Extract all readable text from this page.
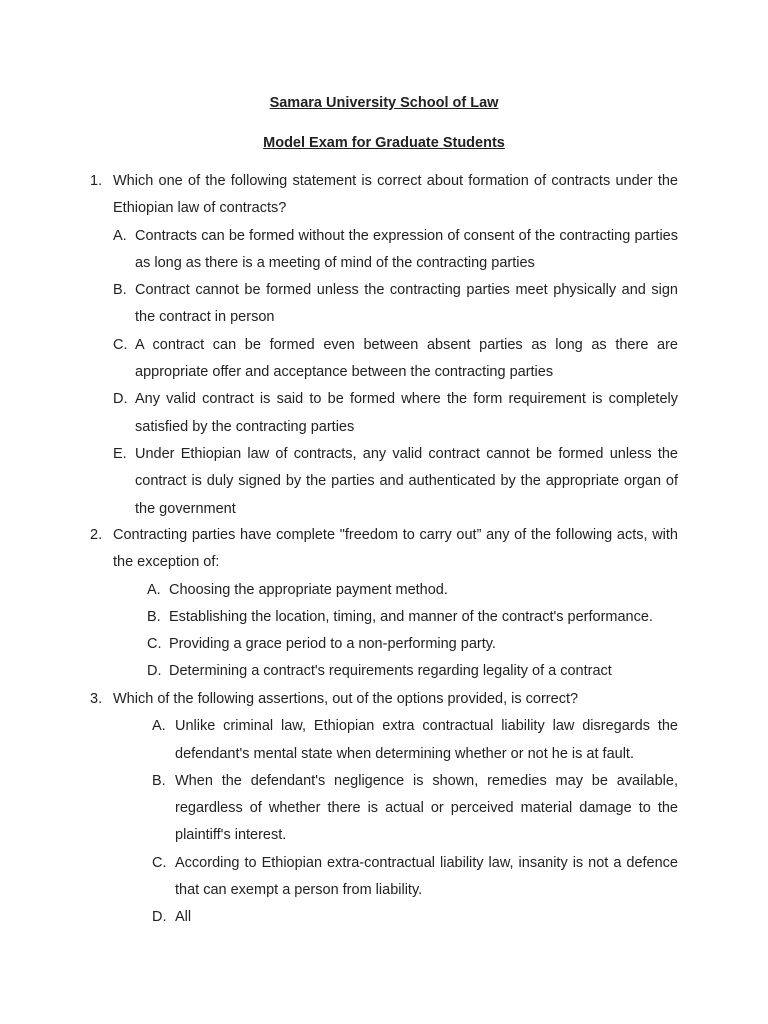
Samara University School of Law
Model Exam for Graduate Students
1. Which one of the following statement is correct about formation of contracts under the Ethiopian law of contracts?
A. Contracts can be formed without the expression of consent of the contracting parties as long as there is a meeting of mind of the contracting parties
B. Contract cannot be formed unless the contracting parties meet physically and sign the contract in person
C. A contract can be formed even between absent parties as long as there are appropriate offer and acceptance between the contracting parties
D. Any valid contract is said to be formed where the form requirement is completely satisfied by the contracting parties
E. Under Ethiopian law of contracts, any valid contract cannot be formed unless the contract is duly signed by the parties and authenticated by the appropriate organ of the government
2. Contracting parties have complete "freedom to carry out” any of the following acts, with the exception of:
A. Choosing the appropriate payment method.
B. Establishing the location, timing, and manner of the contract's performance.
C. Providing a grace period to a non-performing party.
D. Determining a contract's requirements regarding legality of a contract
3. Which of the following assertions, out of the options provided, is correct?
A. Unlike criminal law, Ethiopian extra contractual liability law disregards the defendant's mental state when determining whether or not he is at fault.
B. When the defendant's negligence is shown, remedies may be available, regardless of whether there is actual or perceived material damage to the plaintiff's interest.
C. According to Ethiopian extra-contractual liability law, insanity is not a defence that can exempt a person from liability.
D. All
